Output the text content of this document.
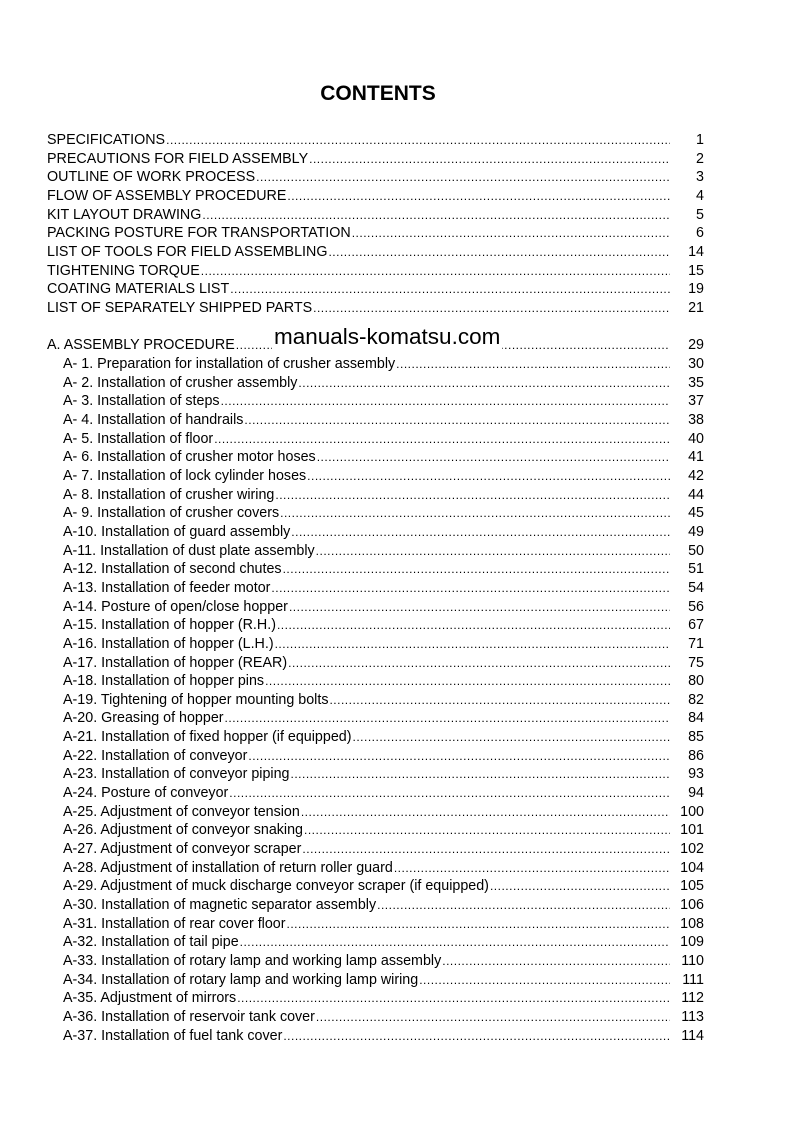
CONTENTS
SPECIFICATIONS .....	1
PRECAUTIONS FOR FIELD ASSEMBLY .....	2
OUTLINE OF WORK PROCESS .....	3
FLOW OF ASSEMBLY PROCEDURE .....	4
KIT LAYOUT DRAWING .....	5
PACKING POSTURE FOR TRANSPORTATION .....	6
LIST OF TOOLS FOR FIELD ASSEMBLING .....	14
TIGHTENING TORQUE .....	15
COATING MATERIALS LIST .....	19
LIST OF SEPARATELY SHIPPED PARTS .....	21
A. ASSEMBLY PROCEDURE .....	29
A- 1. Preparation for installation of crusher assembly .....	30
A- 2. Installation of crusher assembly .....	35
A- 3. Installation of steps .....	37
A- 4. Installation of handrails .....	38
A- 5. Installation of floor .....	40
A- 6. Installation of crusher motor hoses .....	41
A- 7. Installation of lock cylinder hoses .....	42
A- 8. Installation of crusher wiring .....	44
A- 9. Installation of crusher covers .....	45
A-10. Installation of guard assembly .....	49
A-11. Installation of dust plate assembly .....	50
A-12. Installation of second chutes .....	51
A-13. Installation of feeder motor .....	54
A-14. Posture of open/close hopper .....	56
A-15. Installation of hopper (R.H.) .....	67
A-16. Installation of hopper (L.H.) .....	71
A-17. Installation of hopper (REAR) .....	75
A-18. Installation of hopper pins .....	80
A-19. Tightening of hopper mounting bolts .....	82
A-20. Greasing of hopper .....	84
A-21. Installation of fixed hopper (if equipped) .....	85
A-22. Installation of conveyor .....	86
A-23. Installation of conveyor piping .....	93
A-24. Posture of conveyor .....	94
A-25. Adjustment of conveyor tension .....	100
A-26. Adjustment of conveyor snaking .....	101
A-27. Adjustment of conveyor scraper .....	102
A-28. Adjustment of installation of return roller guard .....	104
A-29. Adjustment of muck discharge conveyor scraper (if equipped) .....	105
A-30. Installation of magnetic separator assembly .....	106
A-31. Installation of rear cover floor .....	108
A-32. Installation of tail pipe .....	109
A-33. Installation of rotary lamp and working lamp assembly .....	110
A-34. Installation of rotary lamp and working lamp wiring .....	111
A-35. Adjustment of mirrors .....	112
A-36. Installation of reservoir tank cover .....	113
A-37. Installation of fuel tank cover .....	114
manuals-komatsu.com
